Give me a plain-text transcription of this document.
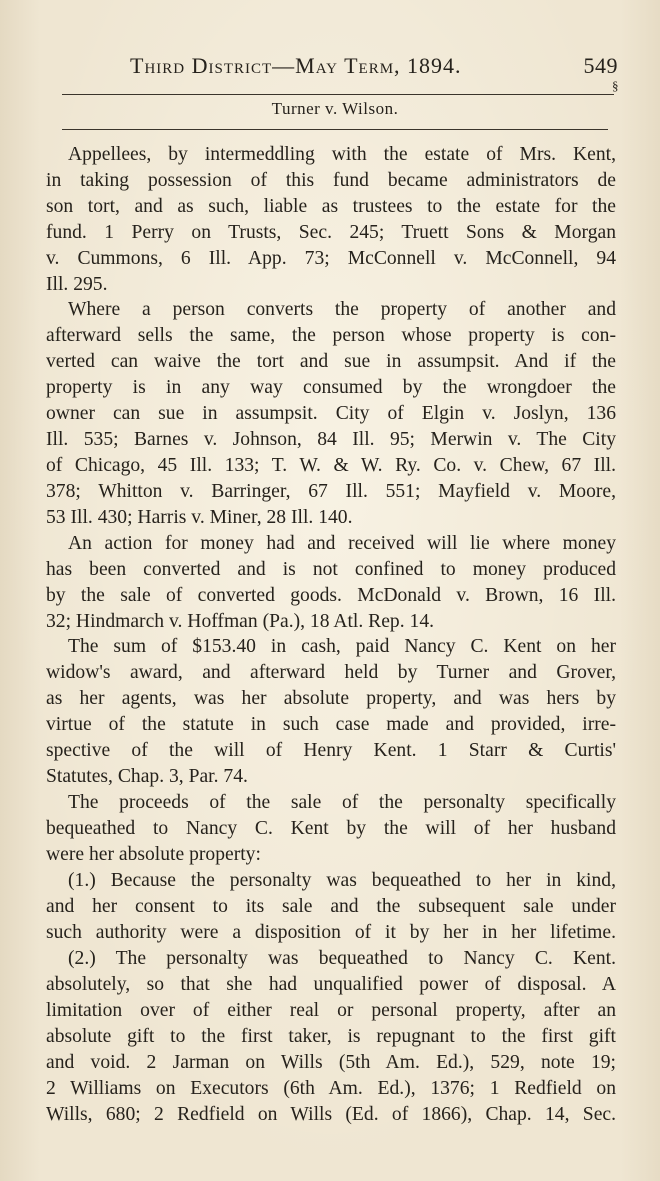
Third District—May Term, 1894.	549
§
Turner v. Wilson.
Appellees, by intermeddling with the estate of Mrs. Kent,
in taking possession of this fund became administrators de
son tort, and as such, liable as trustees to the estate for the
fund. 1 Perry on Trusts, Sec. 245; Truett Sons & Morgan
v. Cummons, 6 Ill. App. 73; McConnell v. McConnell, 94
Ill. 295.
Where a person converts the property of another and
afterward sells the same, the person whose property is con-
verted can waive the tort and sue in assumpsit. And if the
property is in any way consumed by the wrongdoer the
owner can sue in assumpsit. City of Elgin v. Joslyn, 136
Ill. 535; Barnes v. Johnson, 84 Ill. 95; Merwin v. The City
of Chicago, 45 Ill. 133; T. W. & W. Ry. Co. v. Chew, 67 Ill.
378; Whitton v. Barringer, 67 Ill. 551; Mayfield v. Moore,
53 Ill. 430; Harris v. Miner, 28 Ill. 140.
An action for money had and received will lie where money
has been converted and is not confined to money produced
by the sale of converted goods. McDonald v. Brown, 16 Ill.
32; Hindmarch v. Hoffman (Pa.), 18 Atl. Rep. 14.
The sum of $153.40 in cash, paid Nancy C. Kent on her
widow's award, and afterward held by Turner and Grover,
as her agents, was her absolute property, and was hers by
virtue of the statute in such case made and provided, irre-
spective of the will of Henry Kent. 1 Starr & Curtis'
Statutes, Chap. 3, Par. 74.
The proceeds of the sale of the personalty specifically
bequeathed to Nancy C. Kent by the will of her husband
were her absolute property:
(1.) Because the personalty was bequeathed to her in kind,
and her consent to its sale and the subsequent sale under
such authority were a disposition of it by her in her lifetime.
(2.) The personalty was bequeathed to Nancy C. Kent.
absolutely, so that she had unqualified power of disposal. A
limitation over of either real or personal property, after an
absolute gift to the first taker, is repugnant to the first gift
and void. 2 Jarman on Wills (5th Am. Ed.), 529, note 19;
2 Williams on Executors (6th Am. Ed.), 1376; 1 Redfield on
Wills, 680; 2 Redfield on Wills (Ed. of 1866), Chap. 14, Sec.
